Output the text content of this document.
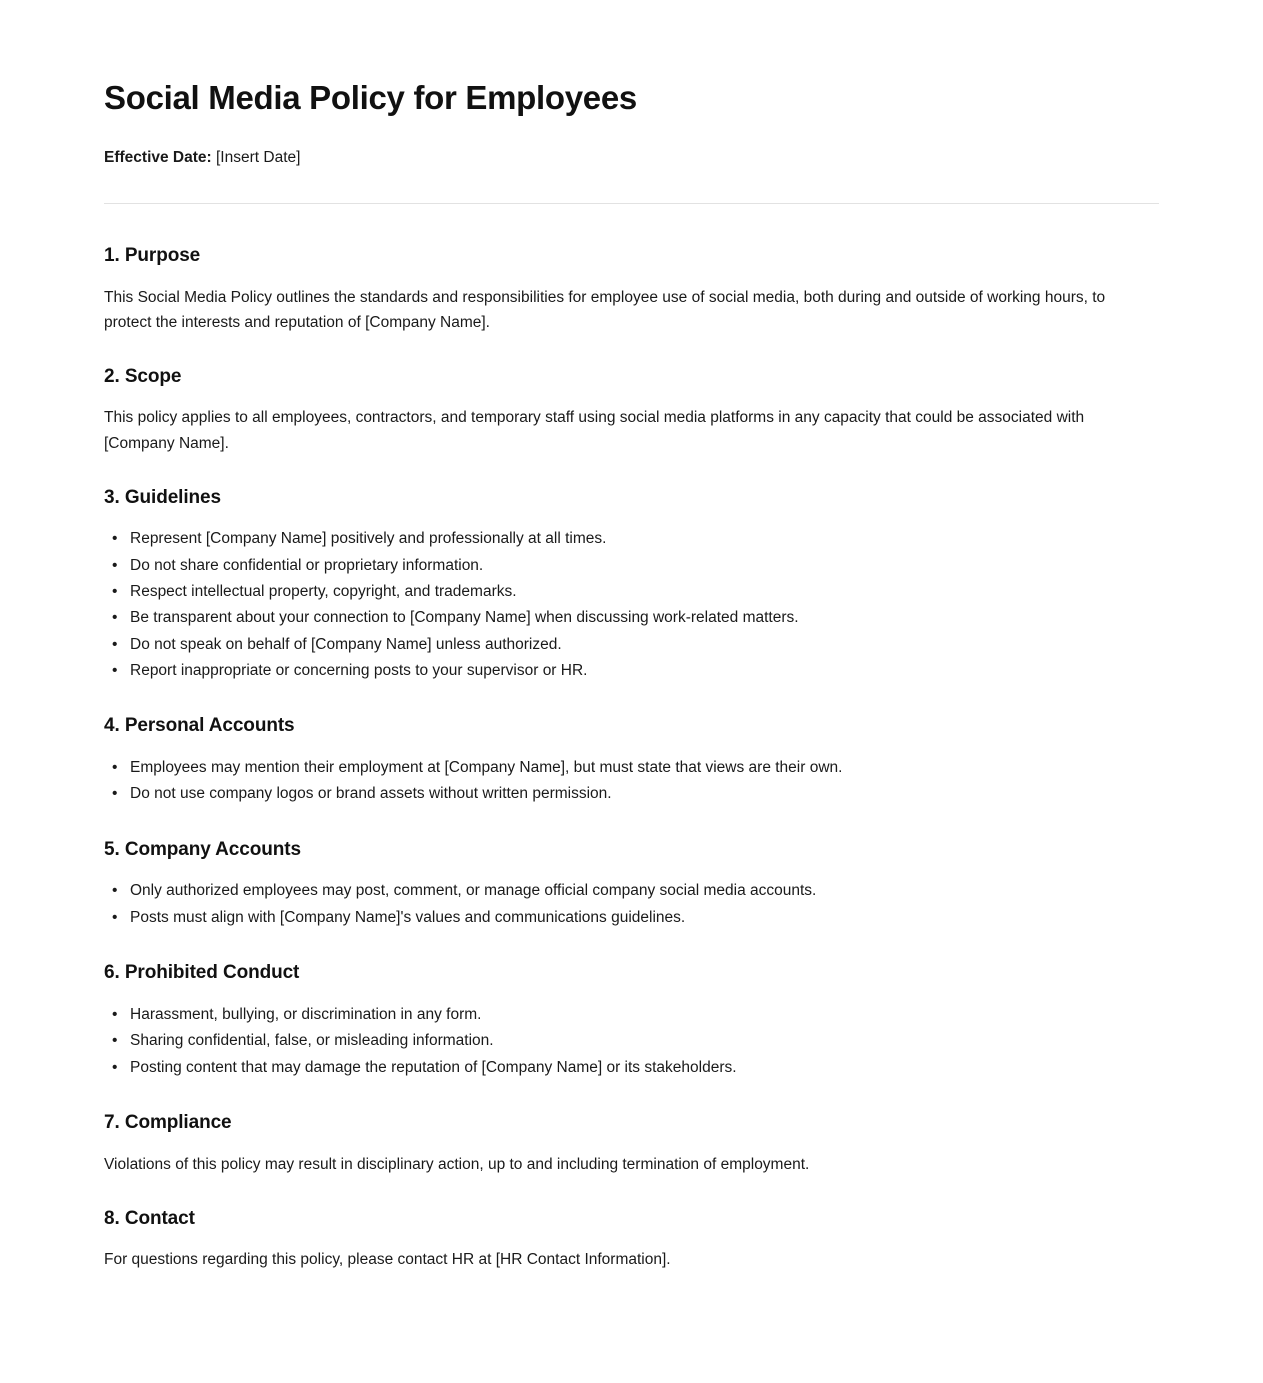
Social Media Policy for Employees

Effective Date: [Insert Date]

1. Purpose

This Social Media Policy outlines the standards and responsibilities for employee use of social media, both during and outside of working hours, to protect the interests and reputation of [Company Name].

2. Scope

This policy applies to all employees, contractors, and temporary staff using social media platforms in any capacity that could be associated with [Company Name].

3. Guidelines
• Represent [Company Name] positively and professionally at all times.
• Do not share confidential or proprietary information.
• Respect intellectual property, copyright, and trademarks.
• Be transparent about your connection to [Company Name] when discussing work-related matters.
• Do not speak on behalf of [Company Name] unless authorized.
• Report inappropriate or concerning posts to your supervisor or HR.
4. Personal Accounts
• Employees may mention their employment at [Company Name], but must state that views are their own.
• Do not use company logos or brand assets without written permission.
5. Company Accounts
• Only authorized employees may post, comment, or manage official company social media accounts.
• Posts must align with [Company Name]'s values and communications guidelines.
6. Prohibited Conduct
• Harassment, bullying, or discrimination in any form.
• Sharing confidential, false, or misleading information.
• Posting content that may damage the reputation of [Company Name] or its stakeholders.
7. Compliance

Violations of this policy may result in disciplinary action, up to and including termination of employment.

8. Contact

For questions regarding this policy, please contact HR at [HR Contact Information].
